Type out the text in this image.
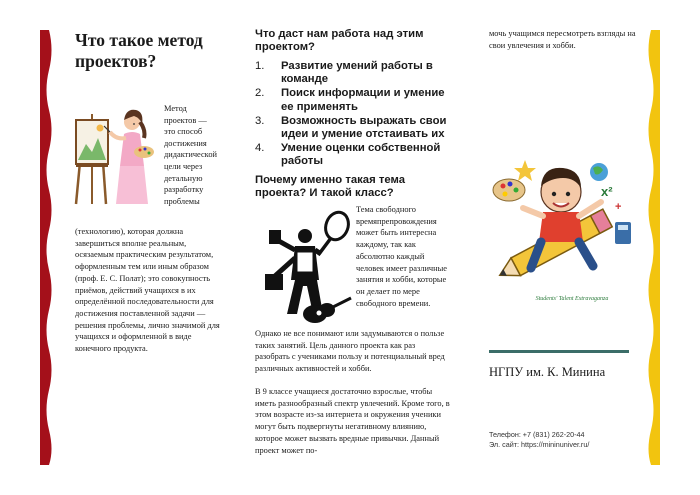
Что такое метод проектов?

Метод проектов — это способ достижения дидактической цели через детальную разработку проблемы

(технологию), которая должна завершиться вполне реальным, осязаемым практическим результатом, оформленным тем или иным образом (проф. Е. С. Полат); это совокупность приёмов, действий учащихся в их определённой последовательности для достижения поставленной задачи — решения проблемы, лично значимой для учащихся и оформленной в виде конечного продукта.

Что даст нам работа над этим проектом?
1. Развитие умений работы в команде
2. Поиск информации и умение ее применять
3. Возможность выражать свои идеи и умение отстаивать их
4. Умение оценки собственной работы
Почему именно такая тема проекта? И такой класс?

Тема свободного времяпрепровождения может быть интересна каждому, так как абсолютно каждый человек имеет различные занятия и хобби, которые он делает по мере свободного времени.

Однако не все понимают или задумываются о пользе таких занятий. Цель данного проекта как раз разобрать с учениками пользу и потенциальный вред различных активностей и хобби.

В 9 классе учащиеся достаточно взрослые, чтобы иметь разнообразный спектр увлечений. Кроме того, в этом возрасте из-за интернета и окружения ученики могут быть подвергнуты негативному влиянию, которое может вызвать вредные привычки. Данный проект может по-

мочь учащимся пересмотреть взгляды на свои увлечения и хобби.

x²
+
Students' Talent Extravaganza
НГПУ им. К. Минина
Телефон: +7 (831) 262-20-44
Эл. сайт: https://mininuniver.ru/
